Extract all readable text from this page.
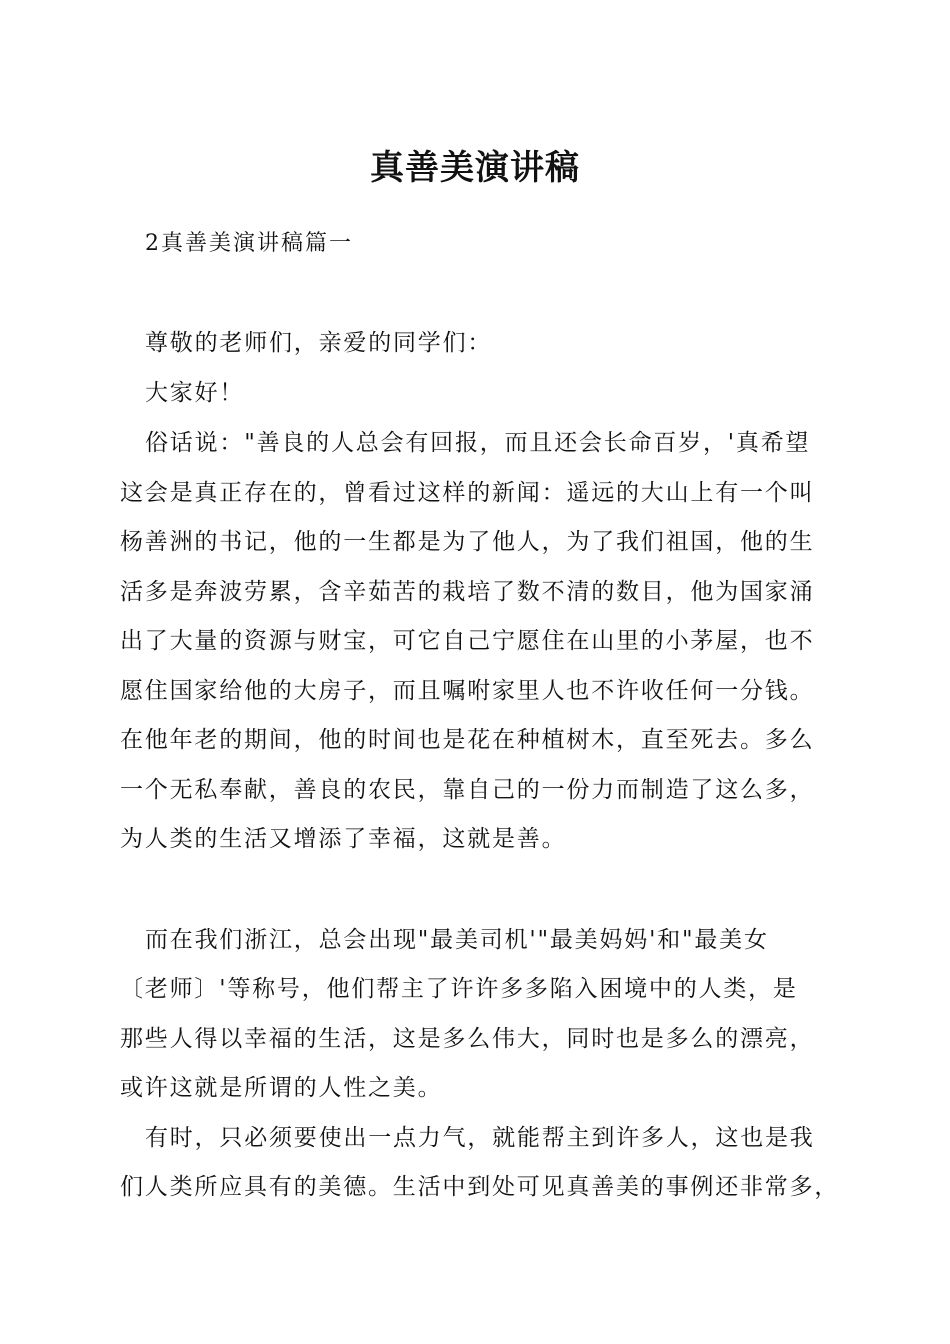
真善美演讲稿
2真善美演讲稿篇一
尊敬的老师们，亲爱的同学们：
大家好！
俗话说："善良的人总会有回报，而且还会长命百岁，'真希望
这会是真正存在的，曾看过这样的新闻：遥远的大山上有一个叫
杨善洲的书记，他的一生都是为了他人，为了我们祖国，他的生
活多是奔波劳累，含辛茹苦的栽培了数不清的数目，他为国家涌
出了大量的资源与财宝，可它自己宁愿住在山里的小茅屋，也不
愿住国家给他的大房子，而且嘱咐家里人也不许收任何一分钱。
在他年老的期间，他的时间也是花在种植树木，直至死去。多么
一个无私奉献，善良的农民，靠自己的一份力而制造了这么多，
为人类的生活又增添了幸福，这就是善。
而在我们浙江，总会出现"最美司机'"最美妈妈'和"最美女
〔老师〕'等称号，他们帮主了许许多多陷入困境中的人类，是
那些人得以幸福的生活，这是多么伟大，同时也是多么的漂亮，
或许这就是所谓的人性之美。
有时，只必须要使出一点力气，就能帮主到许多人，这也是我
们人类所应具有的美德。生活中到处可见真善美的事例还非常多，
